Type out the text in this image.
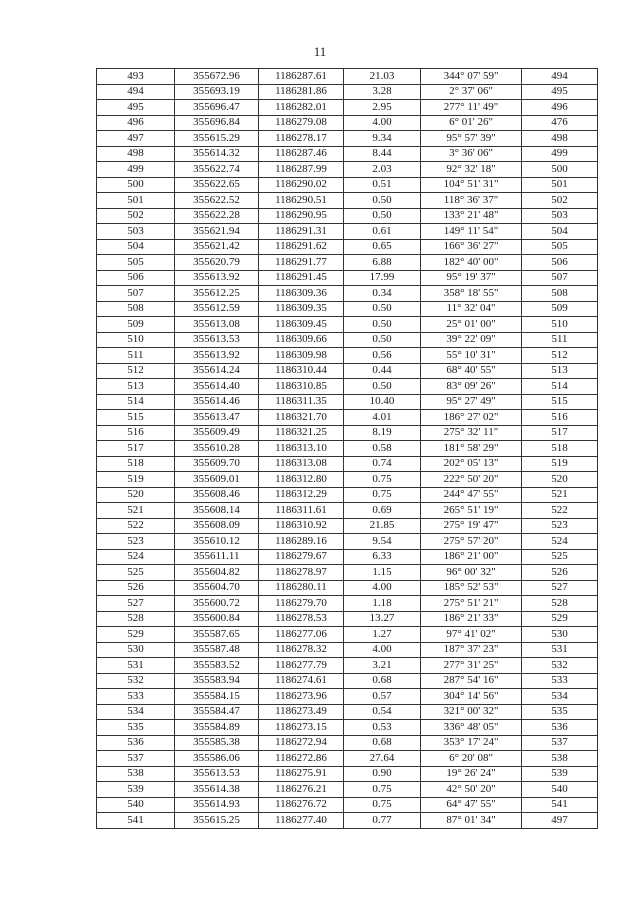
11
493	355672.96	1186287.61	21.03	344° 07' 59"	494
494	355693.19	1186281.86	3.28	2° 37' 06"	495
495	355696.47	1186282.01	2.95	277° 11' 49"	496
496	355696.84	1186279.08	4.00	6° 01' 26"	476
497	355615.29	1186278.17	9.34	95° 57' 39"	498
498	355614.32	1186287.46	8.44	3° 36' 06"	499
499	355622.74	1186287.99	2.03	92° 32' 18"	500
500	355622.65	1186290.02	0.51	104° 51' 31"	501
501	355622.52	1186290.51	0.50	118° 36' 37"	502
502	355622.28	1186290.95	0.50	133° 21' 48"	503
503	355621.94	1186291.31	0.61	149° 11' 54"	504
504	355621.42	1186291.62	0.65	166° 36' 27"	505
505	355620.79	1186291.77	6.88	182° 40' 00"	506
506	355613.92	1186291.45	17.99	95° 19' 37"	507
507	355612.25	1186309.36	0.34	358° 18' 55"	508
508	355612.59	1186309.35	0.50	11° 32' 04"	509
509	355613.08	1186309.45	0.50	25° 01' 00"	510
510	355613.53	1186309.66	0.50	39° 22' 09"	511
511	355613.92	1186309.98	0.56	55° 10' 31"	512
512	355614.24	1186310.44	0.44	68° 40' 55"	513
513	355614.40	1186310.85	0.50	83° 09' 26"	514
514	355614.46	1186311.35	10.40	95° 27' 49"	515
515	355613.47	1186321.70	4.01	186° 27' 02"	516
516	355609.49	1186321.25	8.19	275° 32' 11"	517
517	355610.28	1186313.10	0.58	181° 58' 29"	518
518	355609.70	1186313.08	0.74	202° 05' 13"	519
519	355609.01	1186312.80	0.75	222° 50' 20"	520
520	355608.46	1186312.29	0.75	244° 47' 55"	521
521	355608.14	1186311.61	0.69	265° 51' 19"	522
522	355608.09	1186310.92	21.85	275° 19' 47"	523
523	355610.12	1186289.16	9.54	275° 57' 20"	524
524	355611.11	1186279.67	6.33	186° 21' 00"	525
525	355604.82	1186278.97	1.15	96° 00' 32"	526
526	355604.70	1186280.11	4.00	185° 52' 53"	527
527	355600.72	1186279.70	1.18	275° 51' 21"	528
528	355600.84	1186278.53	13.27	186° 21' 33"	529
529	355587.65	1186277.06	1.27	97° 41' 02"	530
530	355587.48	1186278.32	4.00	187° 37' 23"	531
531	355583.52	1186277.79	3.21	277° 31' 25"	532
532	355583.94	1186274.61	0.68	287° 54' 16"	533
533	355584.15	1186273.96	0.57	304° 14' 56"	534
534	355584.47	1186273.49	0.54	321° 00' 32"	535
535	355584.89	1186273.15	0.53	336° 48' 05"	536
536	355585.38	1186272.94	0.68	353° 17' 24"	537
537	355586.06	1186272.86	27.64	6° 20' 08"	538
538	355613.53	1186275.91	0.90	19° 26' 24"	539
539	355614.38	1186276.21	0.75	42° 50' 20"	540
540	355614.93	1186276.72	0.75	64° 47' 55"	541
541	355615.25	1186277.40	0.77	87° 01' 34"	497
